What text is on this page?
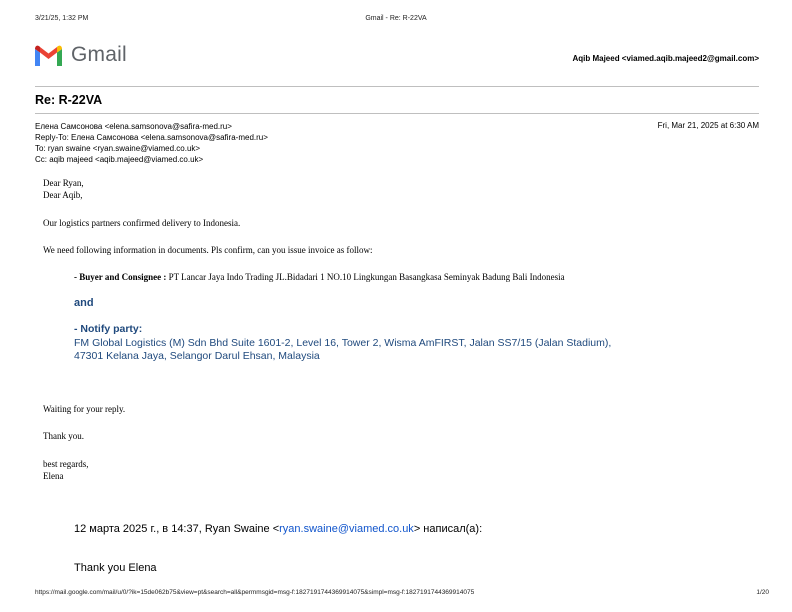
3/21/25, 1:32 PM	Gmail - Re: R-22VA
Gmail	Aqib Majeed <viamed.aqib.majeed2@gmail.com>
Re: R-22VA
Елена Самсонова <elena.samsonova@safira-med.ru>	Fri, Mar 21, 2025 at 6:30 AM
Reply-To: Елена Самсонова <elena.samsonova@safira-med.ru>
To: ryan swaine <ryan.swaine@viamed.co.uk>
Cc: aqib majeed <aqib.majeed@viamed.co.uk>
Dear Ryan,
Dear Aqib,
Our logistics partners confirmed delivery to Indonesia.
We need following information in documents. Pls confirm, can you issue invoice as follow:
- Buyer and Consignee : PT Lancar Jaya Indo Trading JL.Bidadari 1 NO.10 Lingkungan Basangkasa Seminyak Badung Bali Indonesia
and
- Notify party:
FM Global Logistics (M) Sdn Bhd Suite 1601-2, Level 16, Tower 2, Wisma AmFIRST, Jalan SS7/15 (Jalan Stadium),
47301 Kelana Jaya, Selangor Darul Ehsan, Malaysia
Waiting for your reply.
Thank you.
best regards,
Elena
12 марта 2025 г., в 14:37, Ryan Swaine <ryan.swaine@viamed.co.uk> написал(а):
Thank you Elena
https://mail.google.com/mail/u/0/?ik=15de062b75&view=pt&search=all&permmsgid=msg-f:1827191744369914075&simpl=msg-f:1827191744369914075	1/20
